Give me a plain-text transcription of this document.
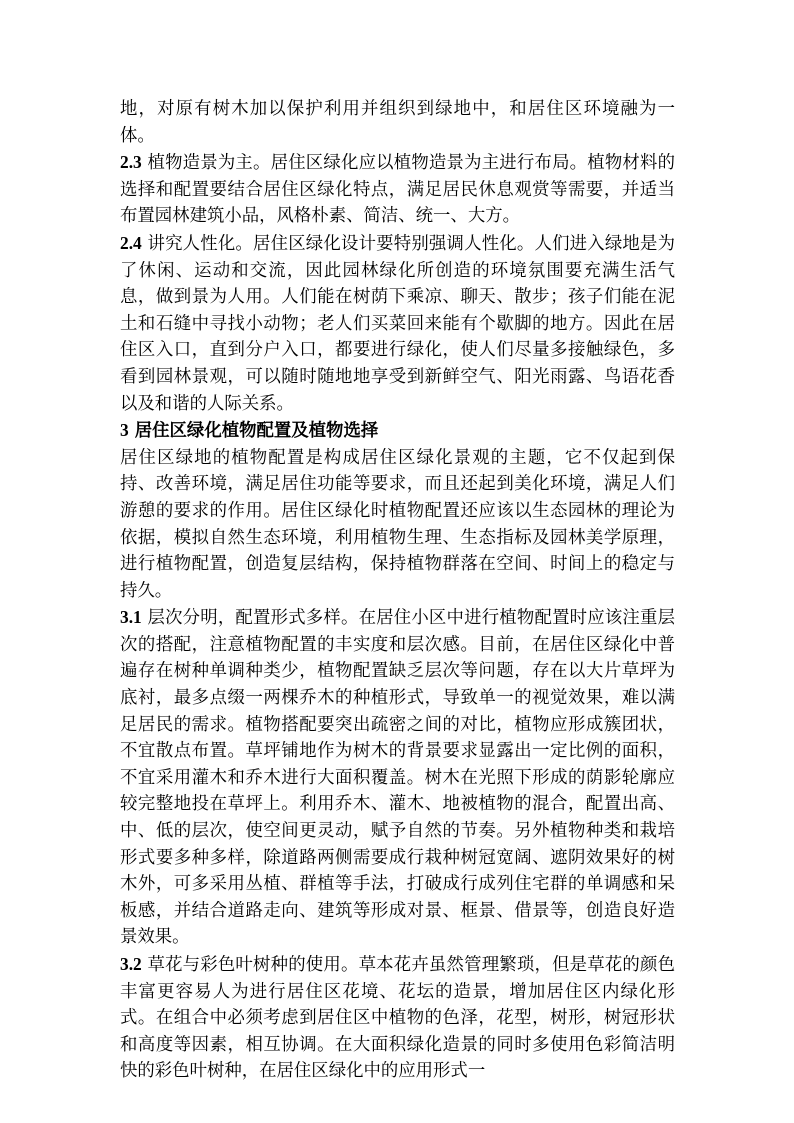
地，对原有树木加以保护利用并组织到绿地中，和居住区环境融为一体。

2.3 植物造景为主。居住区绿化应以植物造景为主进行布局。植物材料的选择和配置要结合居住区绿化特点，满足居民休息观赏等需要，并适当布置园林建筑小品，风格朴素、简洁、统一、大方。

2.4 讲究人性化。居住区绿化设计要特别强调人性化。人们进入绿地是为了休闲、运动和交流，因此园林绿化所创造的环境氛围要充满生活气息，做到景为人用。人们能在树荫下乘凉、聊天、散步；孩子们能在泥土和石缝中寻找小动物；老人们买菜回来能有个歇脚的地方。因此在居住区入口，直到分户入口，都要进行绿化，使人们尽量多接触绿色，多看到园林景观，可以随时随地地享受到新鲜空气、阳光雨露、鸟语花香以及和谐的人际关系。

3 居住区绿化植物配置及植物选择

居住区绿地的植物配置是构成居住区绿化景观的主题，它不仅起到保持、改善环境，满足居住功能等要求，而且还起到美化环境，满足人们游憩的要求的作用。居住区绿化时植物配置还应该以生态园林的理论为依据，模拟自然生态环境，利用植物生理、生态指标及园林美学原理，进行植物配置，创造复层结构，保持植物群落在空间、时间上的稳定与持久。

3.1 层次分明，配置形式多样。在居住小区中进行植物配置时应该注重层次的搭配，注意植物配置的丰实度和层次感。目前，在居住区绿化中普遍存在树种单调种类少，植物配置缺乏层次等问题，存在以大片草坪为底衬，最多点缀一两棵乔木的种植形式，导致单一的视觉效果，难以满足居民的需求。植物搭配要突出疏密之间的对比，植物应形成簇团状，不宜散点布置。草坪铺地作为树木的背景要求显露出一定比例的面积，不宜采用灌木和乔木进行大面积覆盖。树木在光照下形成的荫影轮廓应较完整地投在草坪上。利用乔木、灌木、地被植物的混合，配置出高、中、低的层次，使空间更灵动，赋予自然的节奏。另外植物种类和栽培形式要多种多样，除道路两侧需要成行栽种树冠宽阔、遮阴效果好的树木外，可多采用丛植、群植等手法，打破成行成列住宅群的单调感和呆板感，并结合道路走向、建筑等形成对景、框景、借景等，创造良好造景效果。

3.2 草花与彩色叶树种的使用。草本花卉虽然管理繁琐，但是草花的颜色丰富更容易人为进行居住区花境、花坛的造景，增加居住区内绿化形式。在组合中必须考虑到居住区中植物的色泽，花型，树形，树冠形状和高度等因素，相互协调。在大面积绿化造景的同时多使用色彩简洁明快的彩色叶树种，在居住区绿化中的应用形式一
